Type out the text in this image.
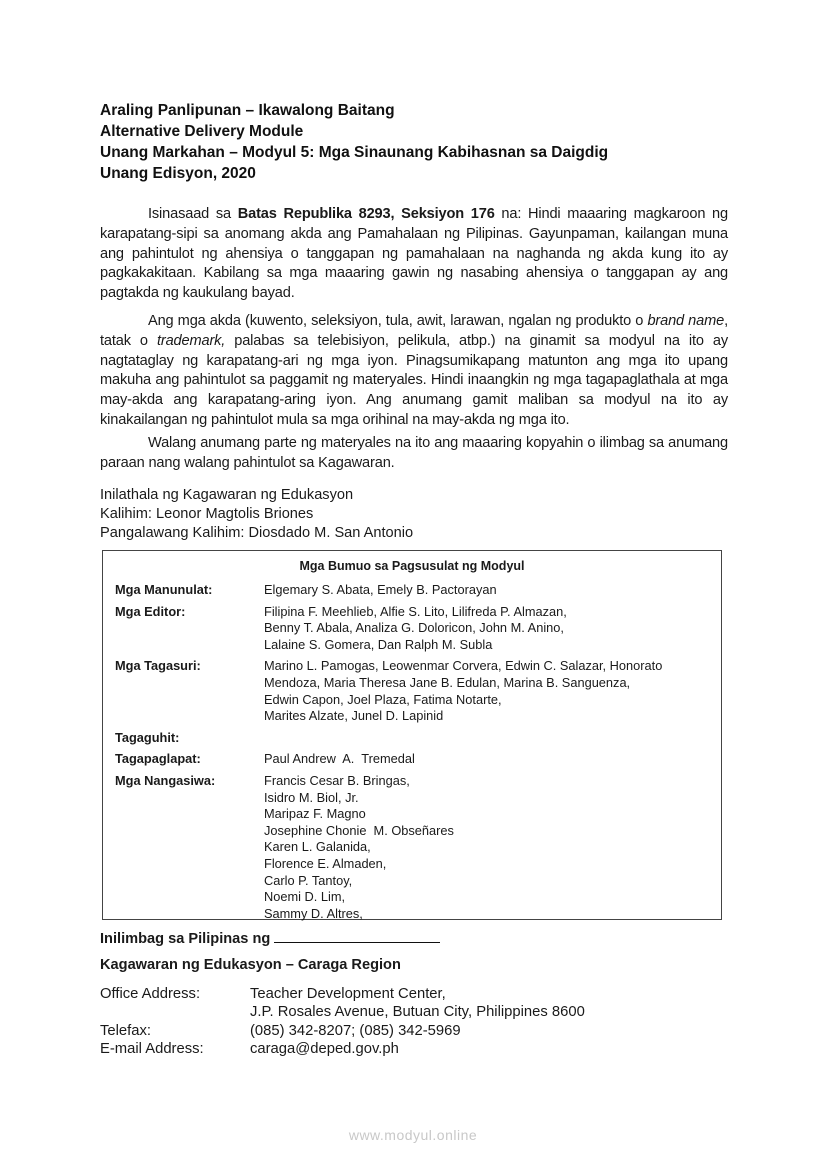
Araling Panlipunan – Ikawalong Baitang
Alternative Delivery Module
Unang Markahan – Modyul 5: Mga Sinaunang Kabihasnan sa Daigdig
Unang Edisyon, 2020
Isinasaad sa Batas Republika 8293, Seksiyon 176 na: Hindi maaaring magkaroon ng karapatang-sipi sa anomang akda ang Pamahalaan ng Pilipinas. Gayunpaman, kailangan muna ang pahintulot ng ahensiya o tanggapan ng pamahalaan na naghanda ng akda kung ito ay pagkakakitaan. Kabilang sa mga maaaring gawin ng nasabing ahensiya o tanggapan ay ang pagtakda ng kaukulang bayad.
Ang mga akda (kuwento, seleksiyon, tula, awit, larawan, ngalan ng produkto o brand name, tatak o trademark, palabas sa telebisiyon, pelikula, atbp.) na ginamit sa modyul na ito ay nagtataglay ng karapatang-ari ng mga iyon. Pinagsumikapang matunton ang mga ito upang makuha ang pahintulot sa paggamit ng materyales. Hindi inaangkin ng mga tagapaglathala at mga may-akda ang karapatang-aring iyon. Ang anumang gamit maliban sa modyul na ito ay kinakailangan ng pahintulot mula sa mga orihinal na may-akda ng mga ito.
Walang anumang parte ng materyales na ito ang maaaring kopyahin o ilimbag sa anumang paraan nang walang pahintulot sa Kagawaran.
Inilathala ng Kagawaran ng Edukasyon
Kalihim: Leonor Magtolis Briones
Pangalawang Kalihim: Diosdado M. San Antonio
Mga Bumuo sa Pagsusulat ng Modyul
Mga Manunulat:	Elgemary S. Abata, Emely B. Pactorayan
Mga Editor:	Filipina F. Meehlieb, Alfie S. Lito, Lilifreda P. Almazan,
Benny T. Abala, Analiza G. Doloricon, John M. Anino,
Lalaine S. Gomera, Dan Ralph M. Subla
Mga Tagasuri:	Marino L. Pamogas, Leowenmar Corvera, Edwin C. Salazar, Honorato
Mendoza, Maria Theresa Jane B. Edulan, Marina B. Sanguenza,
Edwin Capon, Joel Plaza, Fatima Notarte,
Marites Alzate, Junel D. Lapinid
Tagaguhit:
Tagapaglapat:	Paul Andrew  A.  Tremedal
Mga Nangasiwa:	Francis Cesar B. Bringas,
Isidro M. Biol, Jr.
Maripaz F. Magno
Josephine Chonie  M. Obseñares
Karen L. Galanida,
Florence E. Almaden,
Carlo P. Tantoy,
Noemi D. Lim,
Sammy D. Altres,
Inilimbag sa Pilipinas ng
Kagawaran ng Edukasyon – Caraga Region
Office Address:	Teacher Development Center,
J.P. Rosales Avenue, Butuan City, Philippines 8600
Telefax:	(085) 342-8207; (085) 342-5969
E-mail Address:	caraga@deped.gov.ph
www.modyul.online
